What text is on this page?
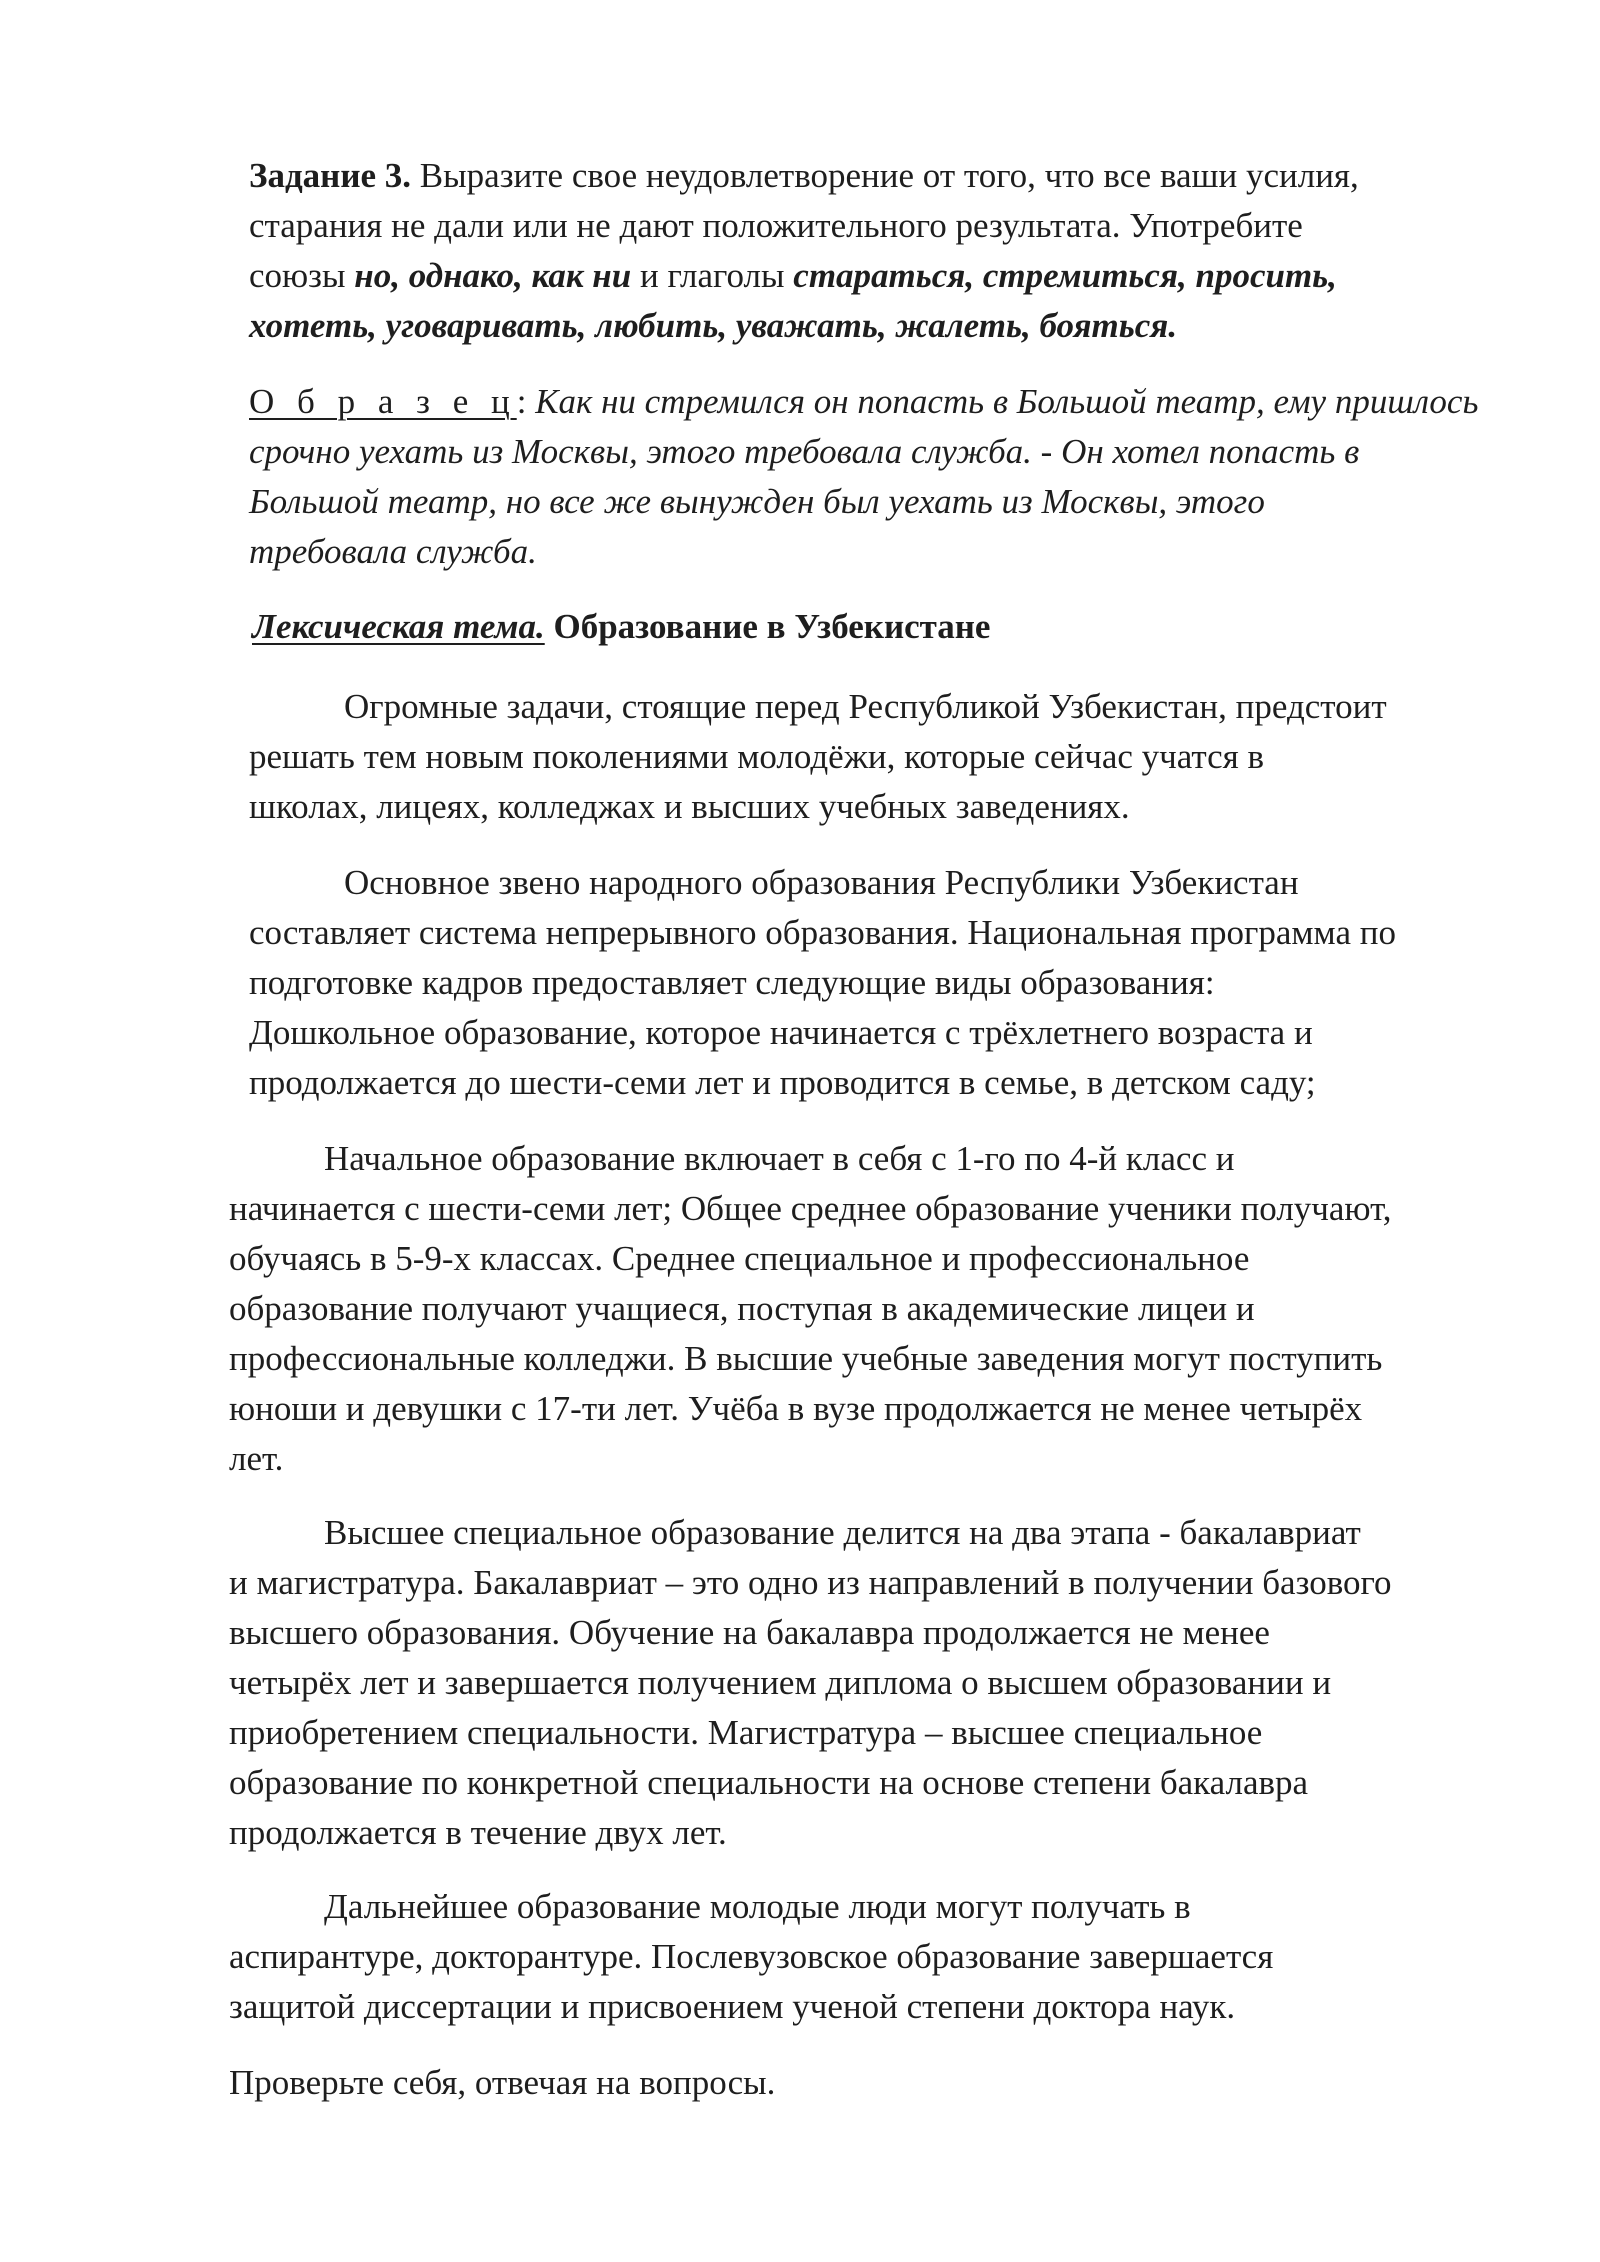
Задание 3. Выразите свое неудовлетворение от того, что все ваши усилия,
старания не дали или не дают положительного результата. Употребите
союзы но, однако, как ни и глаголы стараться, стремиться, просить,
хотеть, уговаривать, любить, уважать, жалеть, бояться.
О б р а з е ц: Как ни стремился он попасть в Большой театр, ему пришлось
срочно уехать из Москвы, этого требовала служба. - Он хотел попасть в
Большой театр, но все же вынужден был уехать из Москвы, этого
требовала служба.
Лексическая тема. Образование в Узбекистане
Огромные задачи, стоящие перед Республикой Узбекистан, предстоит
решать тем новым поколениями молодёжи, которые сейчас учатся в
школах, лицеях, колледжах и высших учебных заведениях.
Основное звено народного образования Республики Узбекистан
составляет система непрерывного образования. Национальная программа по
подготовке кадров предоставляет следующие виды образования:
Дошкольное образование, которое начинается с трёхлетнего возраста и
продолжается до шести-семи лет и проводится в семье, в детском саду;
Начальное образование включает в себя с 1-го по 4-й класс и
начинается с шести-семи лет; Общее среднее образование ученики получают,
обучаясь в 5-9-х классах. Среднее специальное и профессиональное
образование получают учащиеся, поступая в академические лицеи и
профессиональные колледжи. В высшие учебные заведения могут поступить
юноши и девушки с 17-ти лет. Учёба в вузе продолжается не менее четырёх
лет.
Высшее специальное образование делится на два этапа - бакалавриат
и магистратура. Бакалавриат – это одно из направлений в получении базового
высшего образования. Обучение на бакалавра продолжается не менее
четырёх лет и завершается получением диплома о высшем образовании и
приобретением специальности. Магистратура – высшее специальное
образование по конкретной специальности на основе степени бакалавра
продолжается в течение двух лет.
Дальнейшее образование молодые люди могут получать в
аспирантуре, докторантуре. Послевузовское образование завершается
защитой диссертации и присвоением ученой степени доктора наук.
Проверьте себя, отвечая на вопросы.
